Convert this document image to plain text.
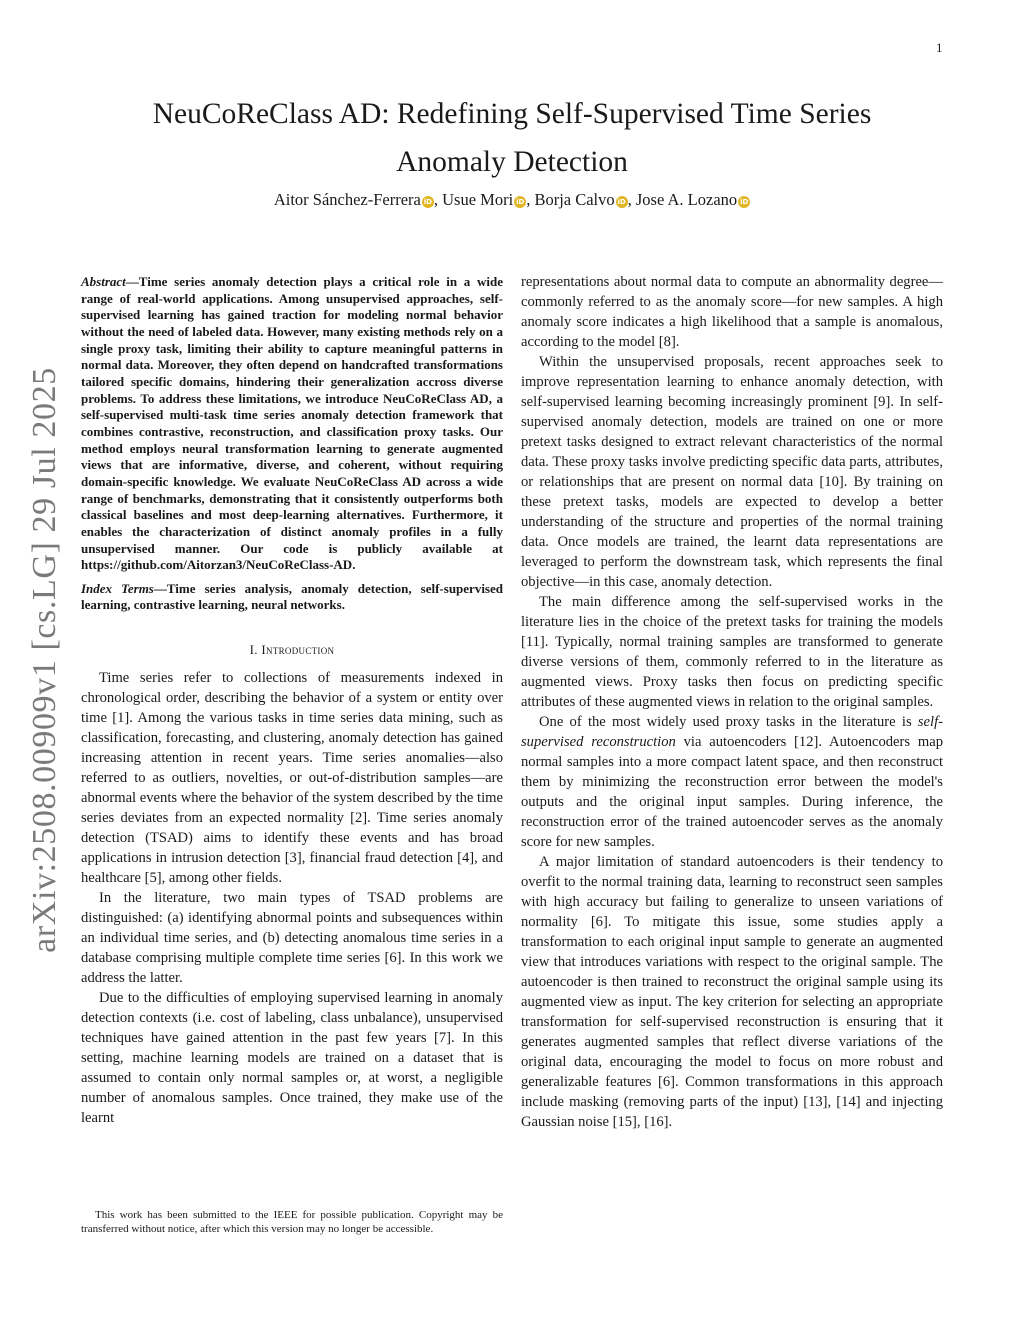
1
arXiv:2508.00909v1 [cs.LG] 29 Jul 2025
NeuCoReClass AD: Redefining Self-Supervised Time Series
Anomaly Detection
Aitor Sánchez-Ferrera iD , Usue Mori iD , Borja Calvo iD , Jose A. Lozano iD

Abstract—Time series anomaly detection plays a critical role in a wide range of real-world applications. Among unsupervised approaches, self-supervised learning has gained traction for modeling normal behavior without the need of labeled data. However, many existing methods rely on a single proxy task, limiting their ability to capture meaningful patterns in normal data. Moreover, they often depend on handcrafted transformations tailored specific domains, hindering their generalization accross diverse problems. To address these limitations, we introduce NeuCoReClass AD, a self-supervised multi-task time series anomaly detection framework that combines contrastive, reconstruction, and classification proxy tasks. Our method employs neural transformation learning to generate augmented views that are informative, diverse, and coherent, without requiring domain-specific knowledge. We evaluate NeuCoReClass AD across a wide range of benchmarks, demonstrating that it consistently outperforms both classical baselines and most deep-learning alternatives. Furthermore, it enables the characterization of distinct anomaly profiles in a fully unsupervised manner. Our code is publicly available at https://github.com/Aitorzan3/NeuCoReClass-AD.

Index Terms—Time series analysis, anomaly detection, self-supervised learning, contrastive learning, neural networks.

I. Introduction

Time series refer to collections of measurements indexed in chronological order, describing the behavior of a system or entity over time [1]. Among the various tasks in time series data mining, such as classification, forecasting, and clustering, anomaly detection has gained increasing attention in recent years. Time series anomalies—also referred to as outliers, novelties, or out-of-distribution samples—are abnormal events where the behavior of the system described by the time series deviates from an expected normality [2]. Time series anomaly detection (TSAD) aims to identify these events and has broad applications in intrusion detection [3], financial fraud detection [4], and healthcare [5], among other fields.

In the literature, two main types of TSAD problems are distinguished: (a) identifying abnormal points and subsequences within an individual time series, and (b) detecting anomalous time series in a database comprising multiple complete time series [6]. In this work we address the latter.

Due to the difficulties of employing supervised learning in anomaly detection contexts (i.e. cost of labeling, class unbalance), unsupervised techniques have gained attention in the past few years [7]. In this setting, machine learning models are trained on a dataset that is assumed to contain only normal samples or, at worst, a negligible number of anomalous samples. Once trained, they make use of the learnt

This work has been submitted to the IEEE for possible publication. Copyright may be transferred without notice, after which this version may no longer be accessible.

representations about normal data to compute an abnormality degree—commonly referred to as the anomaly score—for new samples. A high anomaly score indicates a high likelihood that a sample is anomalous, according to the model [8].

Within the unsupervised proposals, recent approaches seek to improve representation learning to enhance anomaly detection, with self-supervised learning becoming increasingly prominent [9]. In self-supervised anomaly detection, models are trained on one or more pretext tasks designed to extract relevant characteristics of the normal data. These proxy tasks involve predicting specific data parts, attributes, or relationships that are present on normal data [10]. By training on these pretext tasks, models are expected to develop a better understanding of the structure and properties of the normal training data. Once models are trained, the learnt data representations are leveraged to perform the downstream task, which represents the final objective—in this case, anomaly detection.

The main difference among the self-supervised works in the literature lies in the choice of the pretext tasks for training the models [11]. Typically, normal training samples are transformed to generate diverse versions of them, commonly referred to in the literature as augmented views. Proxy tasks then focus on predicting specific attributes of these augmented views in relation to the original samples.

One of the most widely used proxy tasks in the literature is self-supervised reconstruction via autoencoders [12]. Autoencoders map normal samples into a more compact latent space, and then reconstruct them by minimizing the reconstruction error between the model's outputs and the original input samples. During inference, the reconstruction error of the trained autoencoder serves as the anomaly score for new samples.

A major limitation of standard autoencoders is their tendency to overfit to the normal training data, learning to reconstruct seen samples with high accuracy but failing to generalize to unseen variations of normality [6]. To mitigate this issue, some studies apply a transformation to each original input sample to generate an augmented view that introduces variations with respect to the original sample. The autoencoder is then trained to reconstruct the original sample using its augmented view as input. The key criterion for selecting an appropriate transformation for self-supervised reconstruction is ensuring that it generates augmented samples that reflect diverse variations of the original data, encouraging the model to focus on more robust and generalizable features [6]. Common transformations in this approach include masking (removing parts of the input) [13], [14] and injecting Gaussian noise [15], [16].
